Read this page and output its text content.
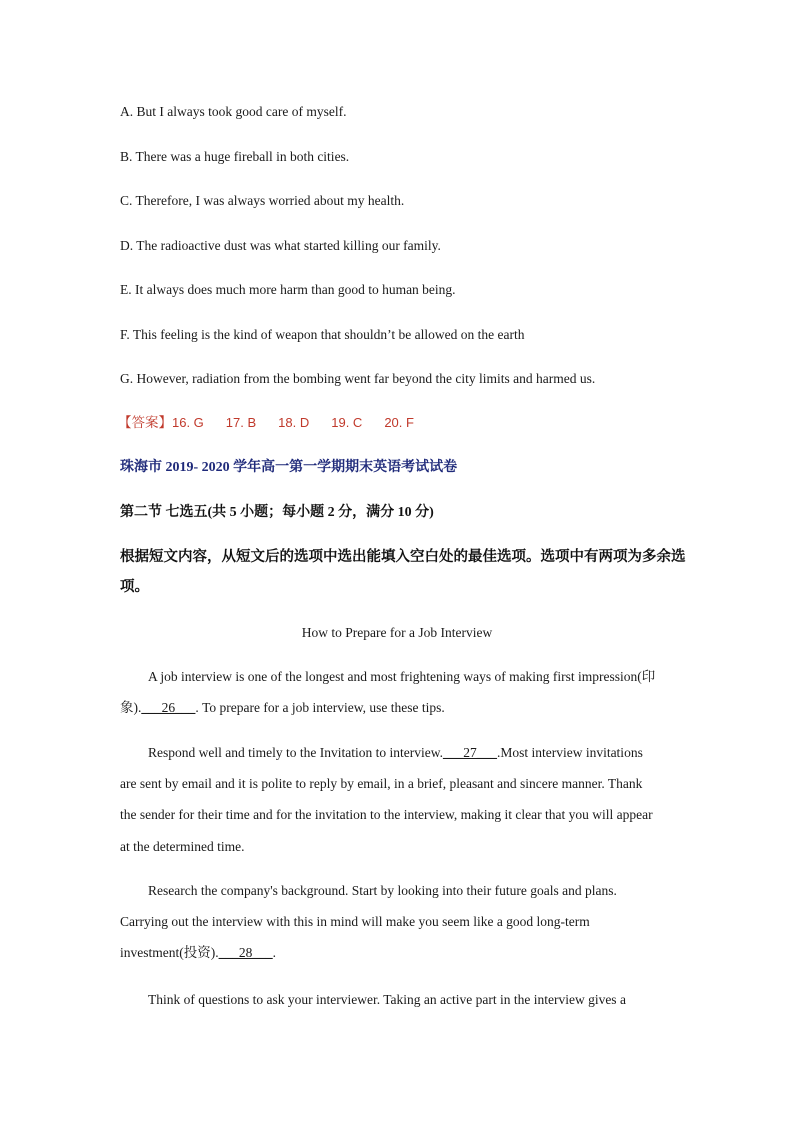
A. But I always took good care of myself.
B. There was a huge fireball in both cities.
C. Therefore, I was always worried about my health.
D. The radioactive dust was what started killing our family.
E. It always does much more harm than good to human being.
F. This feeling is the kind of weapon that shouldn’t be allowed on the earth
G. However, radiation from the bombing went far beyond the city limits and harmed us.
【答案】16. G 17. B 18. D 19. C 20. F
珠海市 2019- 2020 学年高一第一学期期末英语考试试卷
第二节 七选五(共 5 小题；每小题 2 分，满分 10 分)
根据短文内容，从短文后的选项中选出能填入空白处的最佳选项。选项中有两项为多余选
项。
How to Prepare for a Job Interview
A job interview is one of the longest and most frightening ways of making first impression(印
象).___26___. To prepare for a job interview, use these tips.
Respond well and timely to the Invitation to interview.___27___.Most interview invitations
are sent by email and it is polite to reply by email, in a brief, pleasant and sincere manner. Thank
the sender for their time and for the invitation to the interview, making it clear that you will appear
at the determined time.
Research the company's background. Start by looking into their future goals and plans.
Carrying out the interview with this in mind will make you seem like a good long-term
investment(投资).___28___.
Think of questions to ask your interviewer. Taking an active part in the interview gives a
